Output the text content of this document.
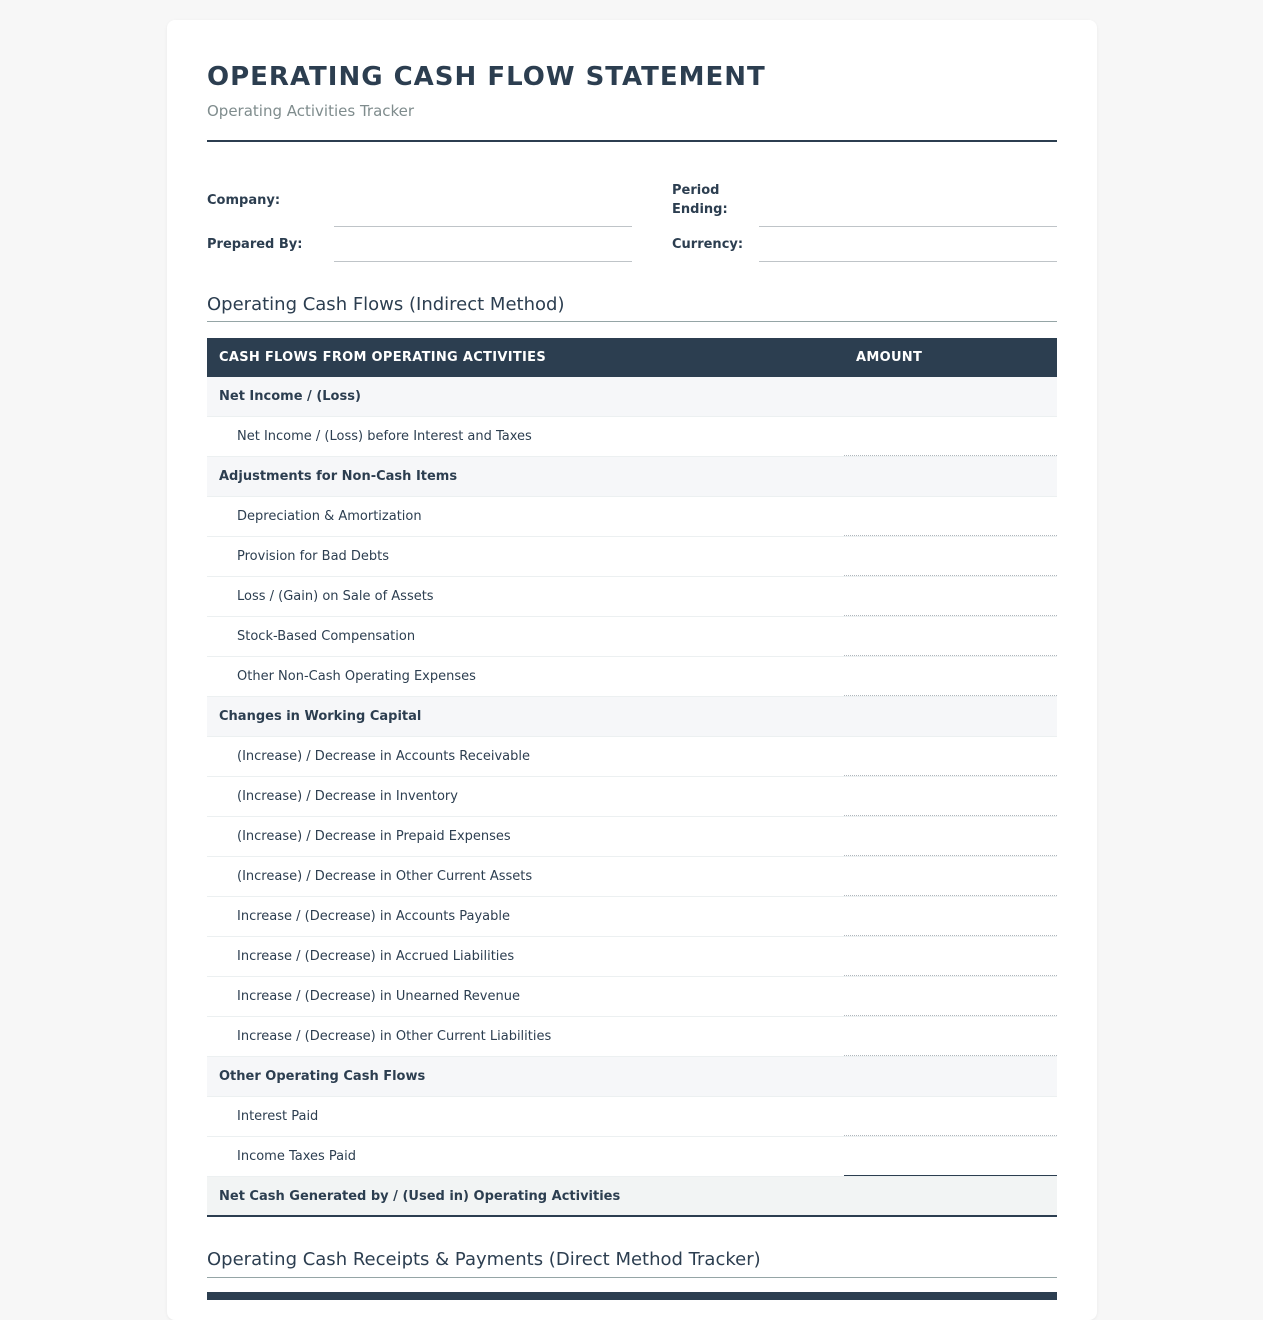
OPERATING CASH FLOW STATEMENT
Operating Activities Tracker
Company:
Period
Ending:
Prepared By:	Currency:
Operating Cash Flows (Indirect Method)
CASH FLOWS FROM OPERATING ACTIVITIES	AMOUNT
Net Income / (Loss)
Net Income / (Loss) before Interest and Taxes
Adjustments for Non-Cash Items
Depreciation & Amortization
Provision for Bad Debts
Loss / (Gain) on Sale of Assets
Stock-Based Compensation
Other Non-Cash Operating Expenses
Changes in Working Capital
(Increase) / Decrease in Accounts Receivable
(Increase) / Decrease in Inventory
(Increase) / Decrease in Prepaid Expenses
(Increase) / Decrease in Other Current Assets
Increase / (Decrease) in Accounts Payable
Increase / (Decrease) in Accrued Liabilities
Increase / (Decrease) in Unearned Revenue
Increase / (Decrease) in Other Current Liabilities
Other Operating Cash Flows
Interest Paid
Income Taxes Paid
Net Cash Generated by / (Used in) Operating Activities
Operating Cash Receipts & Payments (Direct Method Tracker)
